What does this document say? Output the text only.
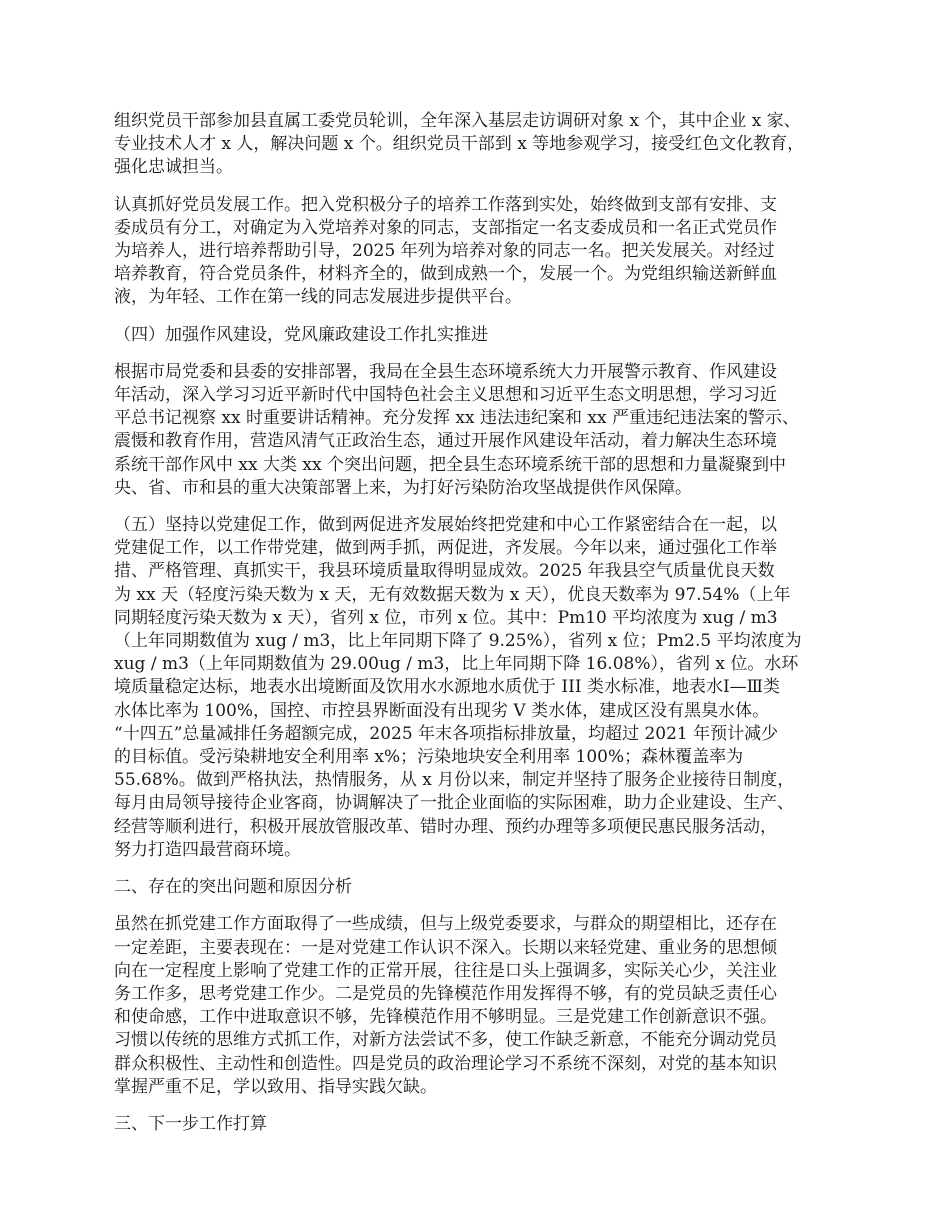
组织党员干部参加县直属工委党员轮训，全年深入基层走访调研对象 x 个，其中企业 x 家、
专业技术人才 x 人，解决问题 x 个。组织党员干部到 x 等地参观学习，接受红色文化教育，
强化忠诚担当。
认真抓好党员发展工作。把入党积极分子的培养工作落到实处，始终做到支部有安排、支
委成员有分工，对确定为入党培养对象的同志，支部指定一名支委成员和一名正式党员作
为培养人，进行培养帮助引导，2025 年列为培养对象的同志一名。把关发展关。对经过
培养教育，符合党员条件，材料齐全的，做到成熟一个，发展一个。为党组织输送新鲜血
液，为年轻、工作在第一线的同志发展进步提供平台。
（四）加强作风建设，党风廉政建设工作扎实推进
根据市局党委和县委的安排部署，我局在全县生态环境系统大力开展警示教育、作风建设
年活动，深入学习习近平新时代中国特色社会主义思想和习近平生态文明思想，学习习近
平总书记视察 xx 时重要讲话精神。充分发挥 xx 违法违纪案和 xx 严重违纪违法案的警示、
震慑和教育作用，营造风清气正政治生态，通过开展作风建设年活动，着力解决生态环境
系统干部作风中 xx 大类 xx 个突出问题，把全县生态环境系统干部的思想和力量凝聚到中
央、省、市和县的重大决策部署上来，为打好污染防治攻坚战提供作风保障。
（五）坚持以党建促工作，做到两促进齐发展始终把党建和中心工作紧密结合在一起，以
党建促工作，以工作带党建，做到两手抓，两促进，齐发展。今年以来，通过强化工作举
措、严格管理、真抓实干，我县环境质量取得明显成效。2025 年我县空气质量优良天数
为 xx 天（轻度污染天数为 x 天，无有效数据天数为 x 天），优良天数率为 97.54%（上年
同期轻度污染天数为 x 天），省列 x 位，市列 x 位。其中：Pm10 平均浓度为 xug / m3
（上年同期数值为 xug / m3，比上年同期下降了 9.25%），省列 x 位；Pm2.5 平均浓度为
xug / m3（上年同期数值为 29.00ug / m3，比上年同期下降 16.08%），省列 x 位。水环
境质量稳定达标，地表水出境断面及饮用水水源地水质优于 III 类水标准，地表水I—Ⅲ类
水体比率为 100%，国控、市控县界断面没有出现劣 V 类水体，建成区没有黑臭水体。
“十四五”总量减排任务超额完成，2025 年末各项指标排放量，均超过 2021 年预计减少
的目标值。受污染耕地安全利用率 x%；污染地块安全利用率 100%；森林覆盖率为
55.68%。做到严格执法，热情服务，从 x 月份以来，制定并坚持了服务企业接待日制度，
每月由局领导接待企业客商，协调解决了一批企业面临的实际困难，助力企业建设、生产、
经营等顺利进行，积极开展放管服改革、错时办理、预约办理等多项便民惠民服务活动，
努力打造四最营商环境。
二、存在的突出问题和原因分析
虽然在抓党建工作方面取得了一些成绩，但与上级党委要求，与群众的期望相比，还存在
一定差距，主要表现在：一是对党建工作认识不深入。长期以来轻党建、重业务的思想倾
向在一定程度上影响了党建工作的正常开展，往往是口头上强调多，实际关心少，关注业
务工作多，思考党建工作少。二是党员的先锋模范作用发挥得不够，有的党员缺乏责任心
和使命感，工作中进取意识不够，先锋模范作用不够明显。三是党建工作创新意识不强。
习惯以传统的思维方式抓工作，对新方法尝试不多，使工作缺乏新意，不能充分调动党员
群众积极性、主动性和创造性。四是党员的政治理论学习不系统不深刻，对党的基本知识
掌握严重不足，学以致用、指导实践欠缺。
三、下一步工作打算
